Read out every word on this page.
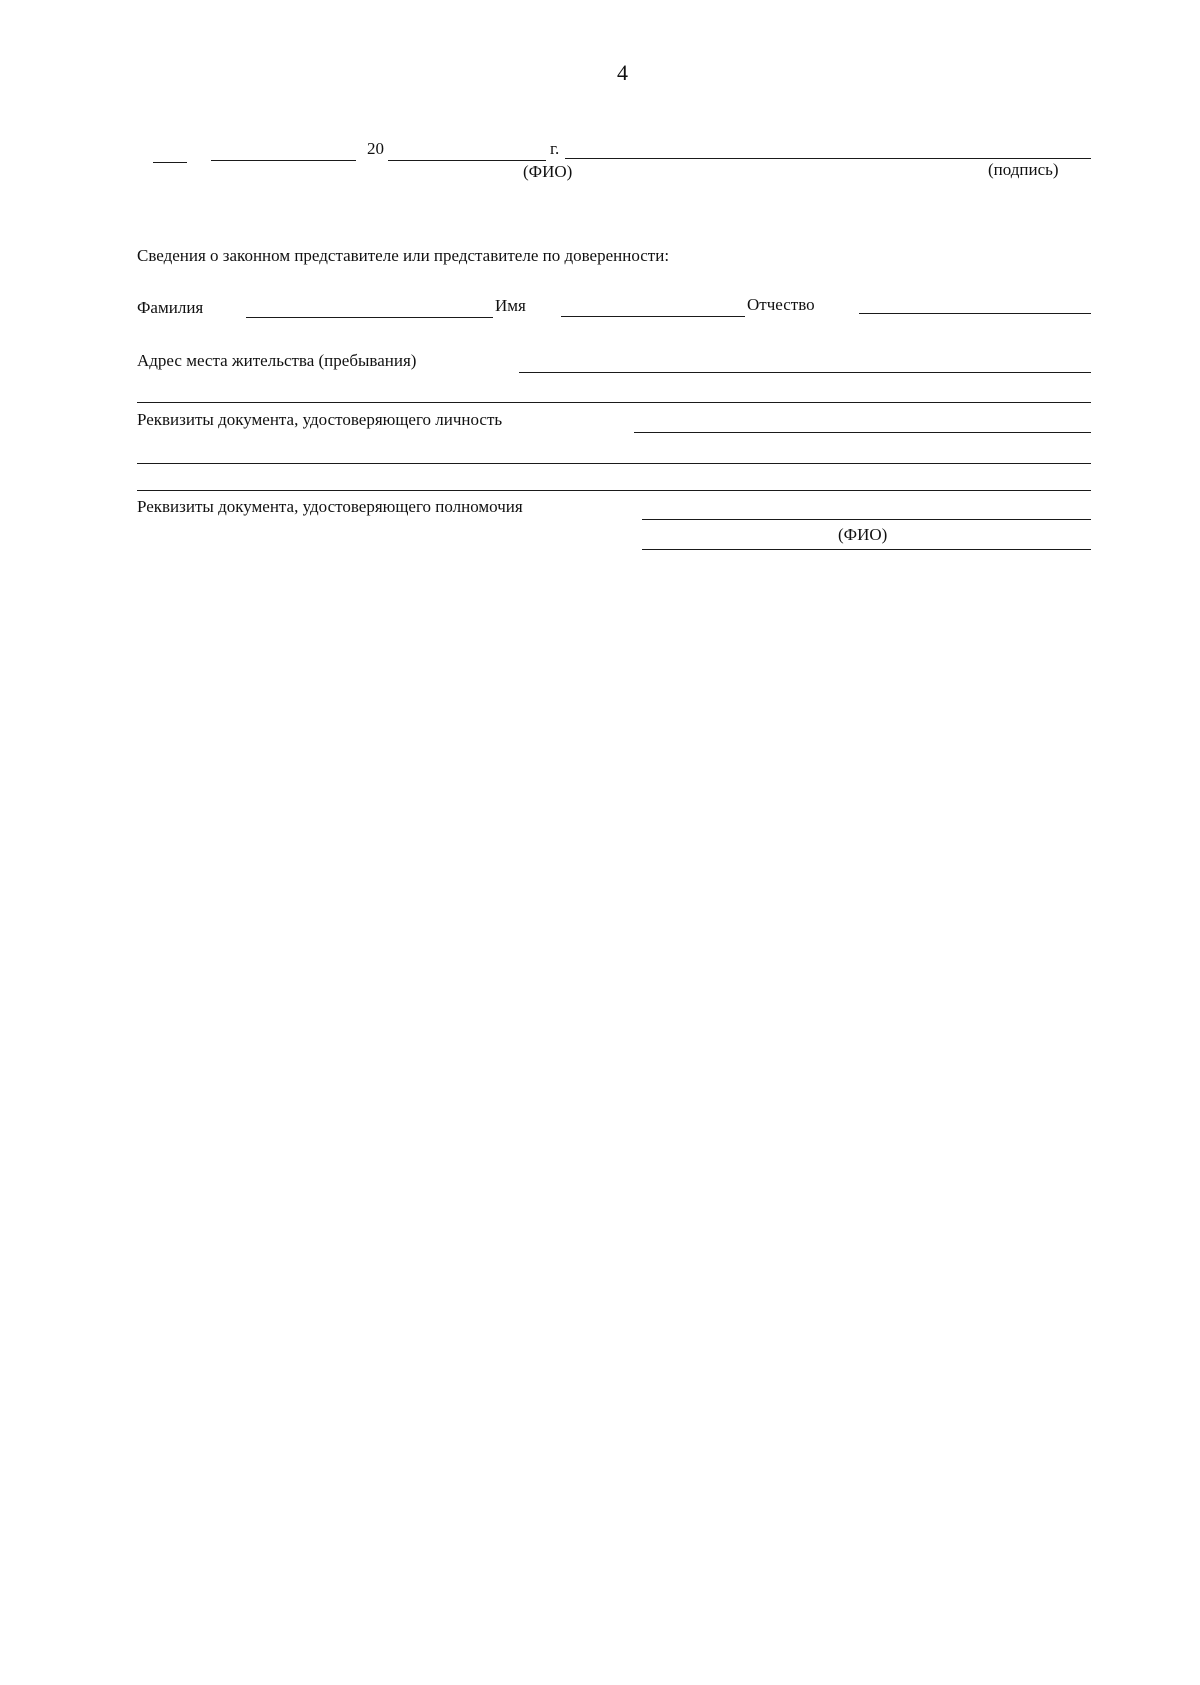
4
20	г.
(ФИО)	(подпись)
Сведения о законном представителе или представителе по доверенности:
Фамилия	Имя	Отчество
Адрес места жительства (пребывания)
Реквизиты документа, удостоверяющего личность
Реквизиты документа, удостоверяющего полномочия
(ФИО)
